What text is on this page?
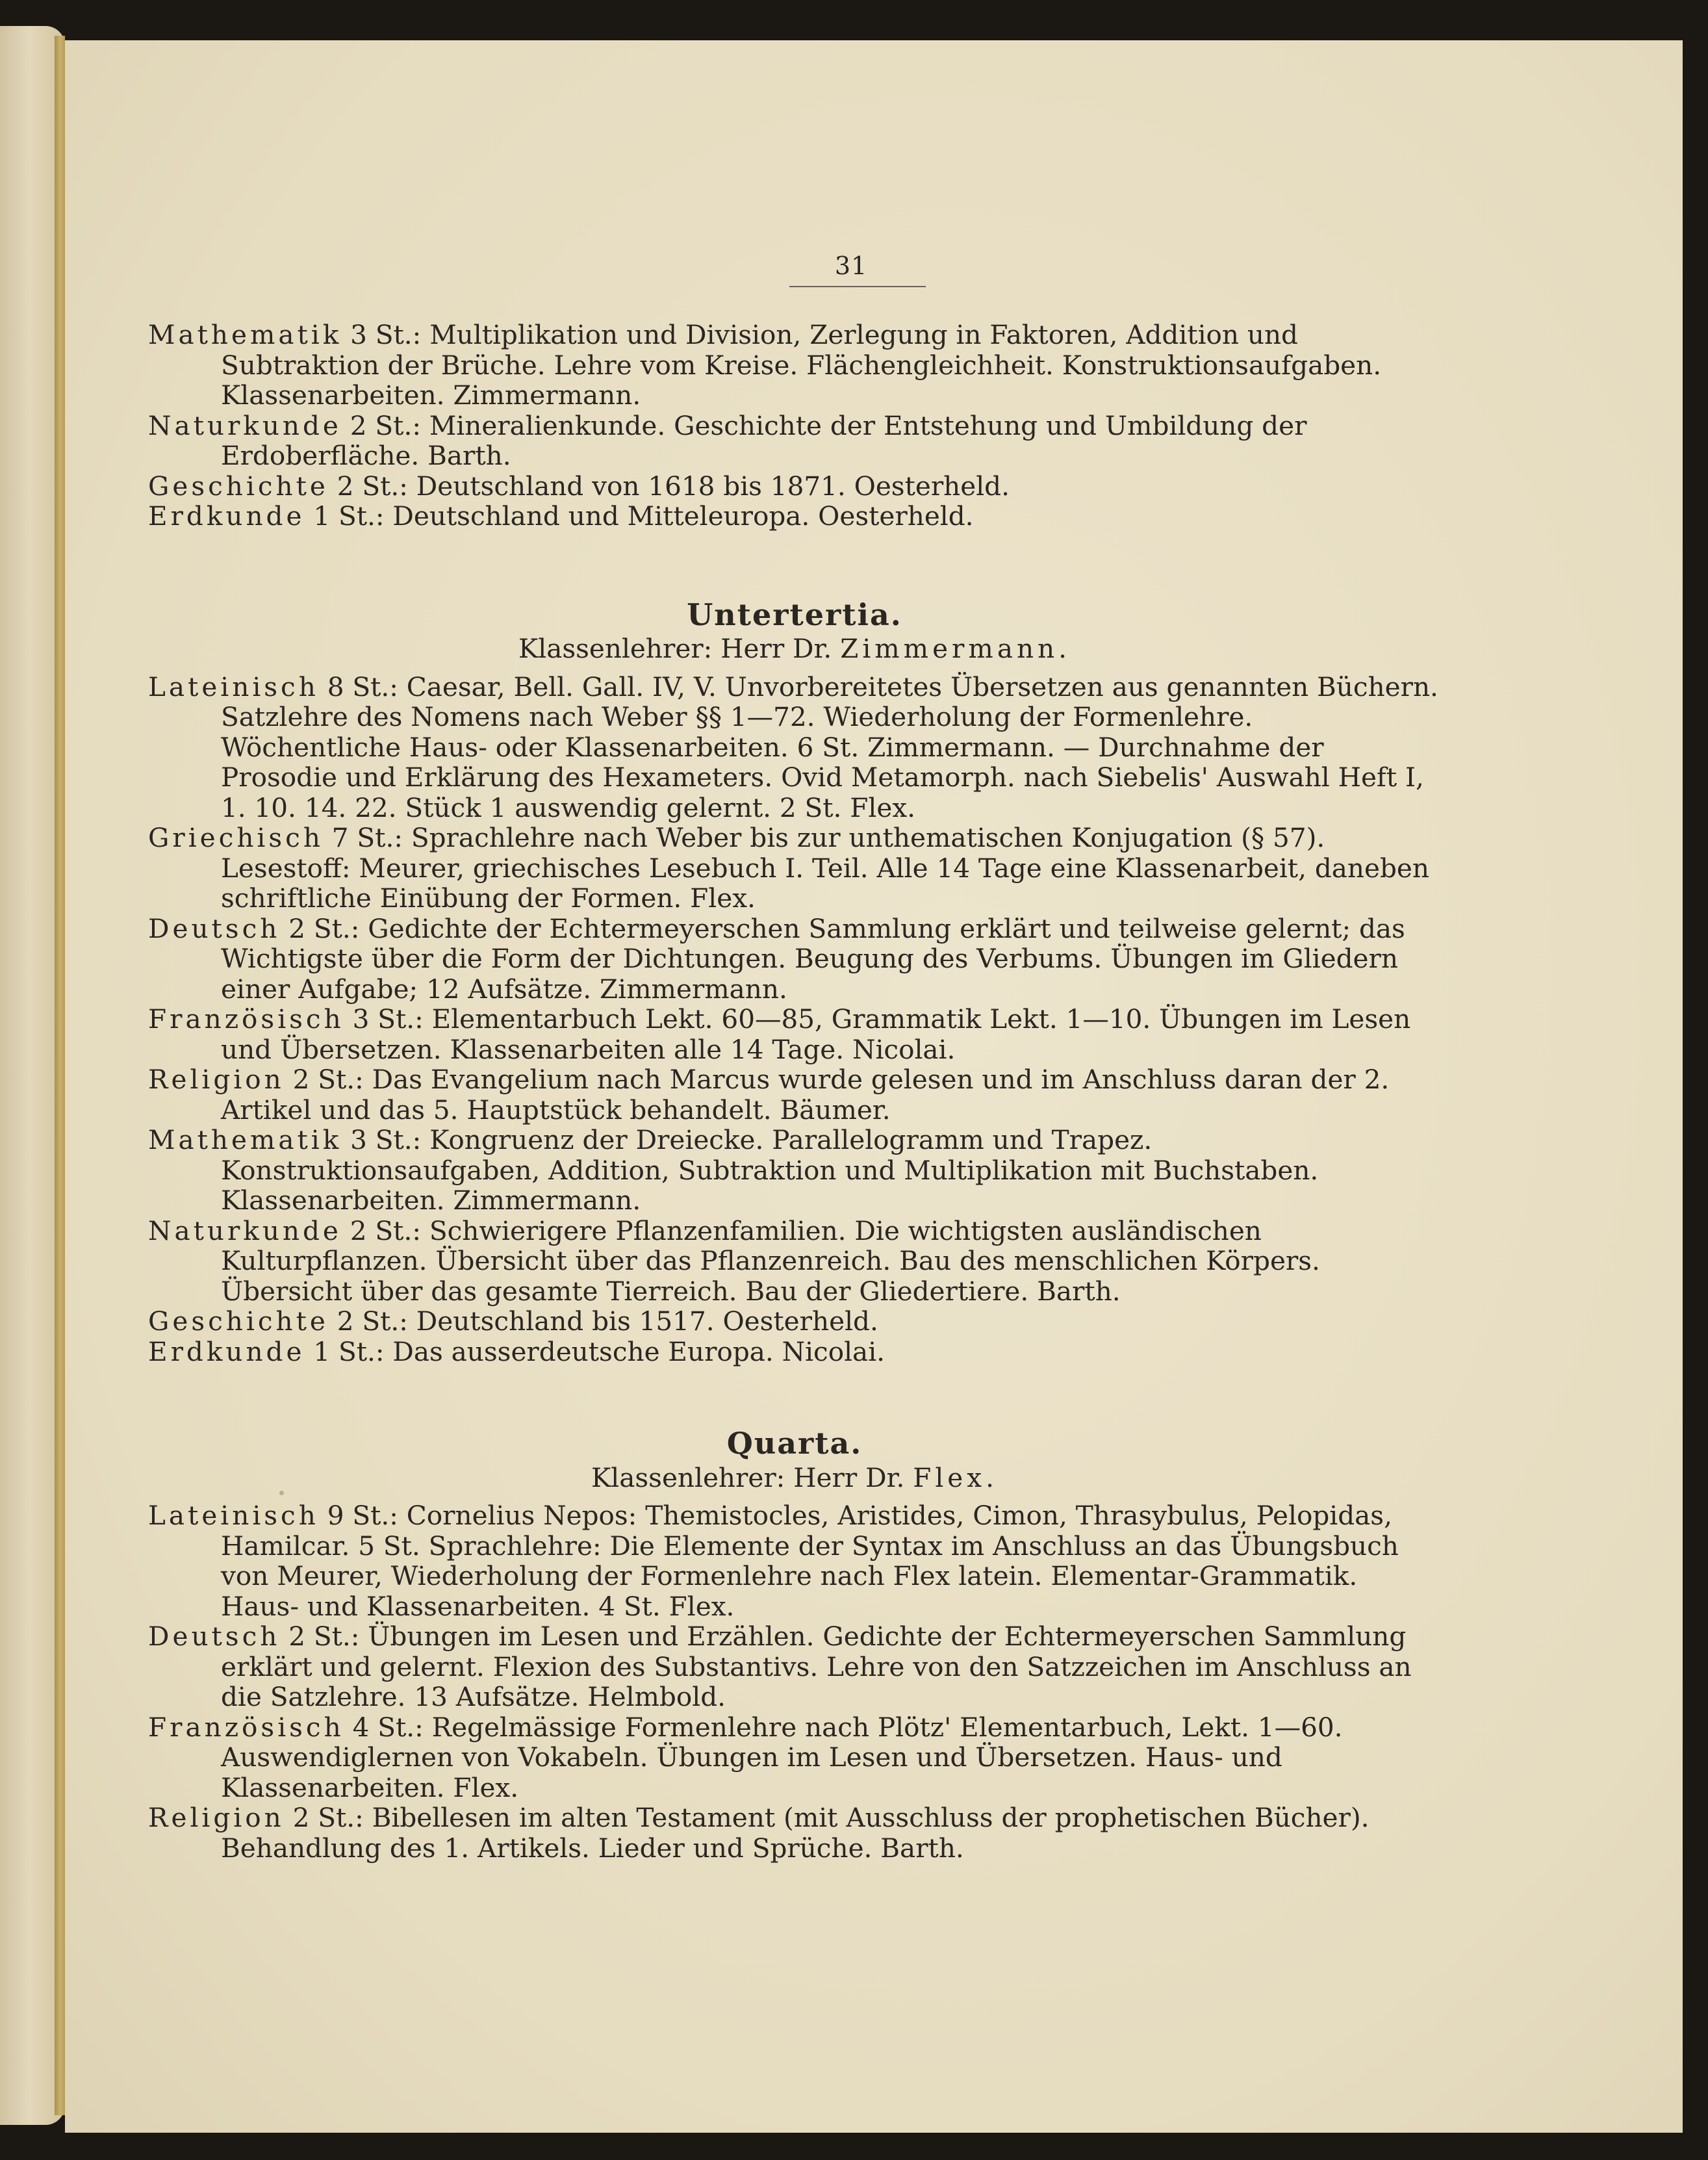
31

Mathematik 3 St.: Multiplikation und Division, Zerlegung in Faktoren, Addition und Subtraktion der Brüche. Lehre vom Kreise. Flächengleichheit. Konstruktionsaufgaben. Klassenarbeiten. Zimmermann.

Naturkunde 2 St.: Mineralienkunde. Geschichte der Entstehung und Umbildung der Erdoberfläche. Barth.

Geschichte 2 St.: Deutschland von 1618 bis 1871. Oesterheld.

Erdkunde 1 St.: Deutschland und Mitteleuropa. Oesterheld.

Untertertia.

Klassenlehrer: Herr Dr. Zimmermann.

Lateinisch 8 St.: Caesar, Bell. Gall. IV, V. Unvorbereitetes Übersetzen aus genannten Büchern. Satzlehre des Nomens nach Weber §§ 1—72. Wiederholung der Formenlehre. Wöchentliche Haus- oder Klassenarbeiten. 6 St. Zimmermann. — Durchnahme der Prosodie und Erklärung des Hexameters. Ovid Metamorph. nach Siebelis' Auswahl Heft I, 1. 10. 14. 22. Stück 1 auswendig gelernt. 2 St. Flex.

Griechisch 7 St.: Sprachlehre nach Weber bis zur unthematischen Konjugation (§ 57). Lesestoff: Meurer, griechisches Lesebuch I. Teil. Alle 14 Tage eine Klassenarbeit, daneben schriftliche Einübung der Formen. Flex.

Deutsch 2 St.: Gedichte der Echtermeyerschen Sammlung erklärt und teilweise gelernt; das Wichtigste über die Form der Dichtungen. Beugung des Verbums. Übungen im Gliedern einer Aufgabe; 12 Aufsätze. Zimmermann.

Französisch 3 St.: Elementarbuch Lekt. 60—85, Grammatik Lekt. 1—10. Übungen im Lesen und Übersetzen. Klassenarbeiten alle 14 Tage. Nicolai.

Religion 2 St.: Das Evangelium nach Marcus wurde gelesen und im Anschluss daran der 2. Artikel und das 5. Hauptstück behandelt. Bäumer.

Mathematik 3 St.: Kongruenz der Dreiecke. Parallelogramm und Trapez. Konstruktionsaufgaben, Addition, Subtraktion und Multiplikation mit Buchstaben. Klassenarbeiten. Zimmermann.

Naturkunde 2 St.: Schwierigere Pflanzenfamilien. Die wichtigsten ausländischen Kulturpflanzen. Übersicht über das Pflanzenreich. Bau des menschlichen Körpers. Übersicht über das gesamte Tierreich. Bau der Gliedertiere. Barth.

Geschichte 2 St.: Deutschland bis 1517. Oesterheld.

Erdkunde 1 St.: Das ausserdeutsche Europa. Nicolai.

Quarta.

Klassenlehrer: Herr Dr. Flex.

Lateinisch 9 St.: Cornelius Nepos: Themistocles, Aristides, Cimon, Thrasybulus, Pelopidas, Hamilcar. 5 St. Sprachlehre: Die Elemente der Syntax im Anschluss an das Übungsbuch von Meurer, Wiederholung der Formenlehre nach Flex latein. Elementar-Grammatik. Haus- und Klassenarbeiten. 4 St. Flex.

Deutsch 2 St.: Übungen im Lesen und Erzählen. Gedichte der Echtermeyerschen Sammlung erklärt und gelernt. Flexion des Substantivs. Lehre von den Satzzeichen im Anschluss an die Satzlehre. 13 Aufsätze. Helmbold.

Französisch 4 St.: Regelmässige Formenlehre nach Plötz' Elementarbuch, Lekt. 1—60. Auswendiglernen von Vokabeln. Übungen im Lesen und Übersetzen. Haus- und Klassenarbeiten. Flex.

Religion 2 St.: Bibellesen im alten Testament (mit Ausschluss der prophetischen Bücher). Behandlung des 1. Artikels. Lieder und Sprüche. Barth.
